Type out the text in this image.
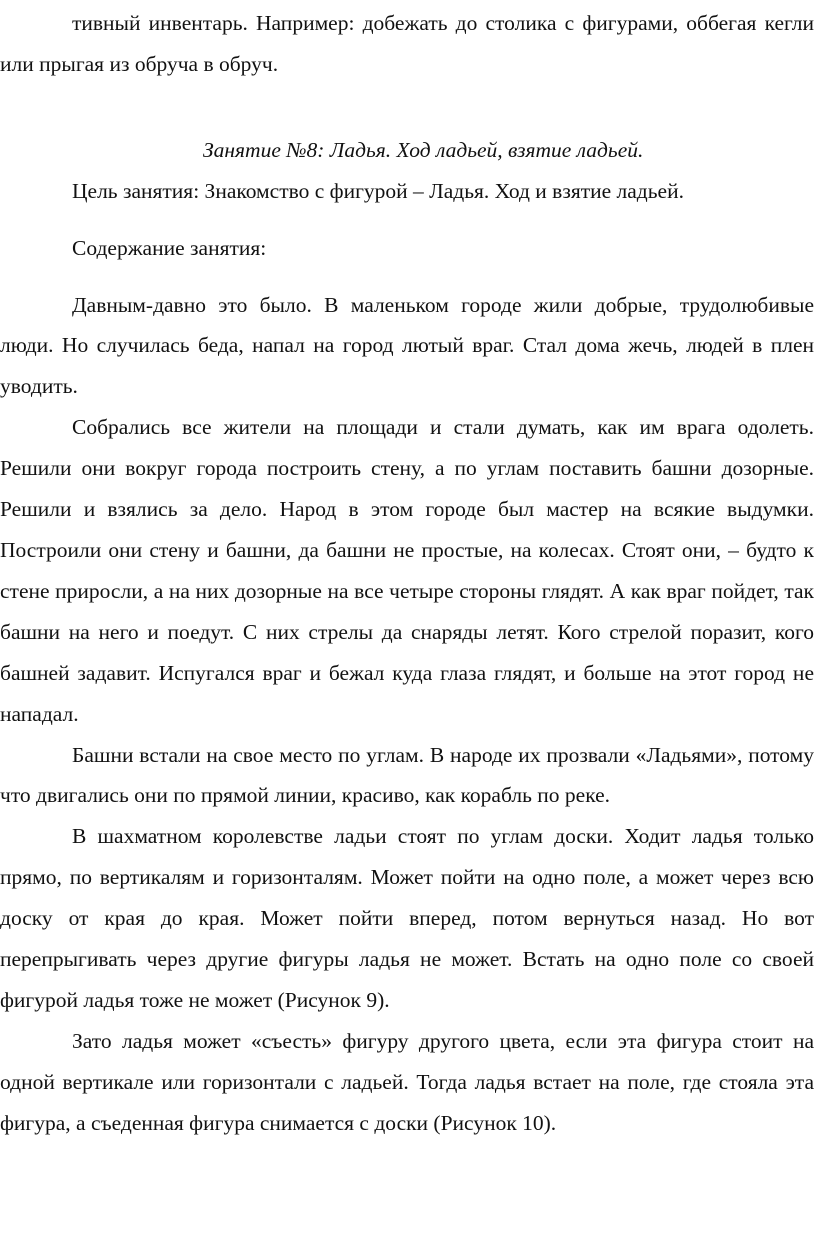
тивный инвентарь. Например: добежать до столика с фигурами, оббегая кегли или прыгая из обруча в обруч.

Занятие №8: Ладья. Ход ладьей, взятие ладьей.

Цель занятия: Знакомство с фигурой – Ладья. Ход и взятие ладьей.

Содержание занятия:

Давным-давно это было. В маленьком городе жили добрые, трудолюбивые люди. Но случилась беда, напал на город лютый враг. Стал дома жечь, людей в плен уводить.

Собрались все жители на площади и стали думать, как им врага одолеть. Решили они вокруг города построить стену, а по углам поставить башни дозорные. Решили и взялись за дело. Народ в этом городе был мастер на всякие выдумки. Построили они стену и башни, да башни не простые, на колесах. Стоят они, – будто к стене приросли, а на них дозорные на все четыре стороны глядят. А как враг пойдет, так башни на него и поедут. С них стрелы да снаряды летят. Кого стрелой поразит, кого башней задавит. Испугался враг и бежал куда глаза глядят, и больше на этот город не нападал.

Башни встали на свое место по углам. В народе их прозвали «Ладьями», потому что двигались они по прямой линии, красиво, как корабль по реке.

В шахматном королевстве ладьи стоят по углам доски. Ходит ладья только прямо, по вертикалям и горизонталям. Может пойти на одно поле, а может через всю доску от края до края. Может пойти вперед, потом вернуться назад. Но вот перепрыгивать через другие фигуры ладья не может. Встать на одно поле со своей фигурой ладья тоже не может (Рисунок 9).

Зато ладья может «съесть» фигуру другого цвета, если эта фигура стоит на одной вертикале или горизонтали с ладьей. Тогда ладья встает на поле, где стояла эта фигура, а съеденная фигура снимается с доски (Рисунок 10).
